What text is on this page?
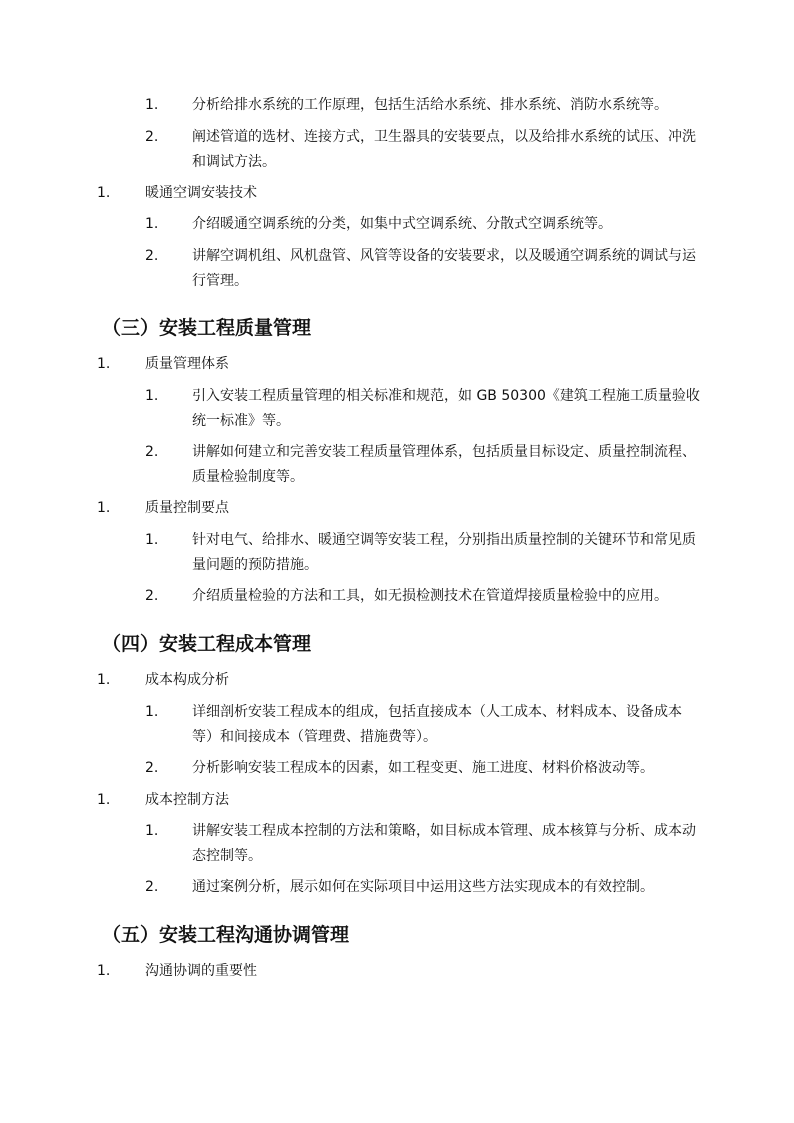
1. 分析给排水系统的工作原理，包括生活给水系统、排水系统、消防水系统等。
2. 阐述管道的选材、连接方式，卫生器具的安装要点，以及给排水系统的试压、冲洗和调试方法。
1. 暖通空调安装技术
1. 介绍暖通空调系统的分类，如集中式空调系统、分散式空调系统等。
2. 讲解空调机组、风机盘管、风管等设备的安装要求，以及暖通空调系统的调试与运行管理。
（三）安装工程质量管理
1. 质量管理体系
1. 引入安装工程质量管理的相关标准和规范，如 GB 50300《建筑工程施工质量验收统一标准》等。
2. 讲解如何建立和完善安装工程质量管理体系，包括质量目标设定、质量控制流程、质量检验制度等。
1. 质量控制要点
1. 针对电气、给排水、暖通空调等安装工程，分别指出质量控制的关键环节和常见质量问题的预防措施。
2. 介绍质量检验的方法和工具，如无损检测技术在管道焊接质量检验中的应用。
（四）安装工程成本管理
1. 成本构成分析
1. 详细剖析安装工程成本的组成，包括直接成本（人工成本、材料成本、设备成本等）和间接成本（管理费、措施费等）。
2. 分析影响安装工程成本的因素，如工程变更、施工进度、材料价格波动等。
1. 成本控制方法
1. 讲解安装工程成本控制的方法和策略，如目标成本管理、成本核算与分析、成本动态控制等。
2. 通过案例分析，展示如何在实际项目中运用这些方法实现成本的有效控制。
（五）安装工程沟通协调管理
1. 沟通协调的重要性
